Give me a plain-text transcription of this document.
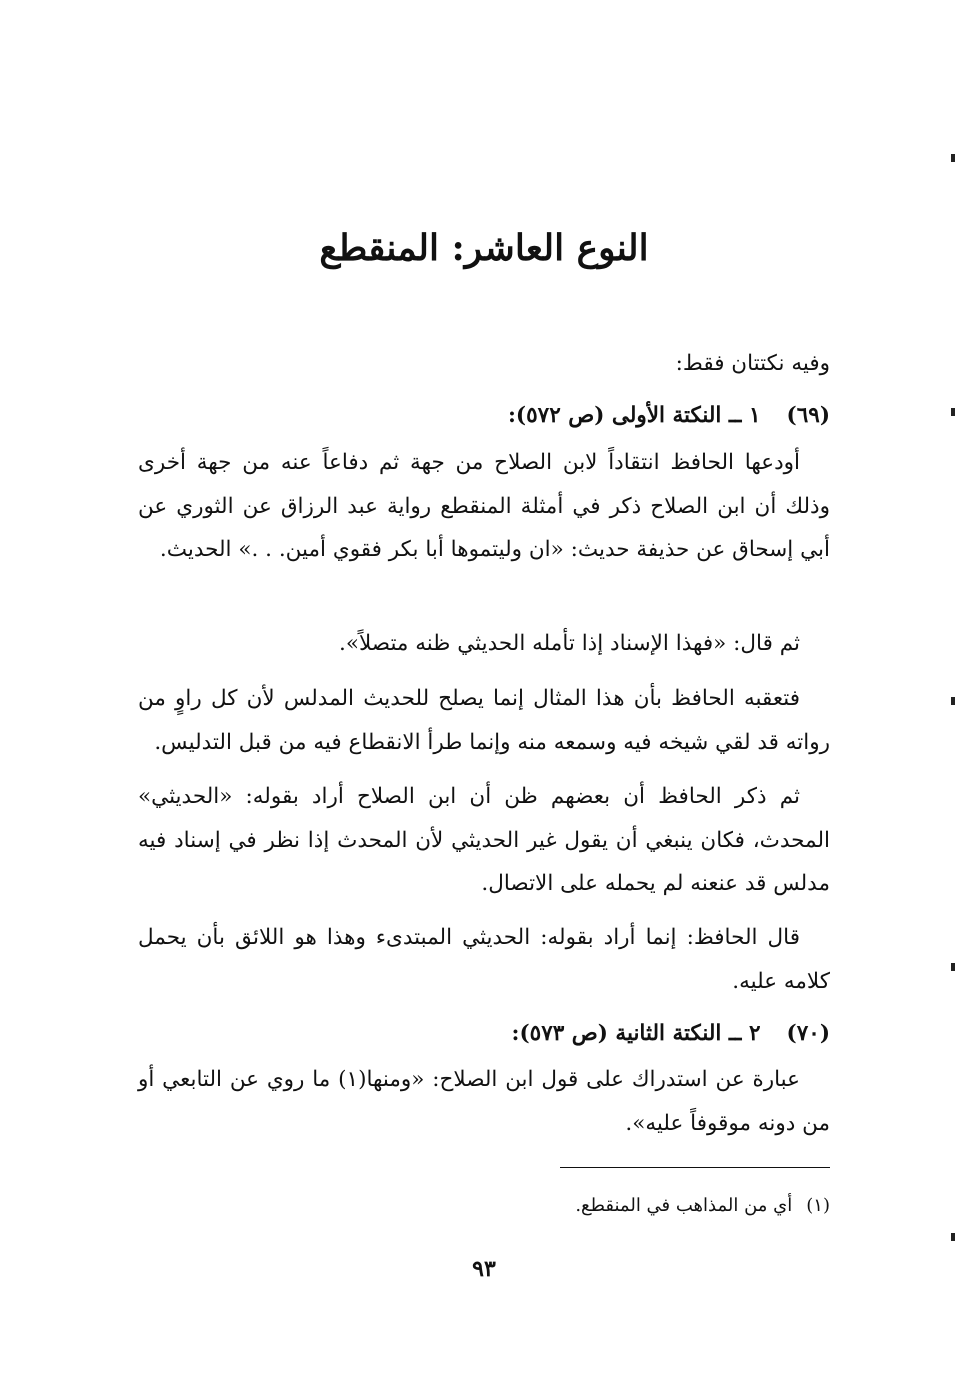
النوع العاشر: المنقطع

وفيه نكتتان فقط:

(٦٩)١ ــ النكتة الأولى (ص ٥٧٢):

أودعها الحافظ انتقاداً لابن الصلاح من جهة ثم دفاعاً عنه من جهة أخرى وذلك أن ابن الصلاح ذكر في أمثلة المنقطع رواية عبد الرزاق عن الثوري عن أبي إسحاق عن حذيفة حديث: «ان وليتموها أبا بكر فقوي أمين. . .» الحديث.

ثم قال: «فهذا الإسناد إذا تأمله الحديثي ظنه متصلاً».

فتعقبه الحافظ بأن هذا المثال إنما يصلح للحديث المدلس لأن كل راوٍ من رواته قد لقي شيخه فيه وسمعه منه وإنما طرأ الانقطاع فيه من قبل التدليس.

ثم ذكر الحافظ أن بعضهم ظن أن ابن الصلاح أراد بقوله: «الحديثي» المحدث، فكان ينبغي أن يقول غير الحديثي لأن المحدث إذا نظر في إسناد فيه مدلس قد عنعنه لم يحمله على الاتصال.

قال الحافظ: إنما أراد بقوله: الحديثي المبتدىء وهذا هو اللائق بأن يحمل كلامه عليه.

(٧٠)٢ ــ النكتة الثانية (ص ٥٧٣):

عبارة عن استدراك على قول ابن الصلاح: «ومنها(١) ما روي عن التابعي أو من دونه موقوفاً عليه».

(١)أي من المذاهب في المنقطع.

٩٣
